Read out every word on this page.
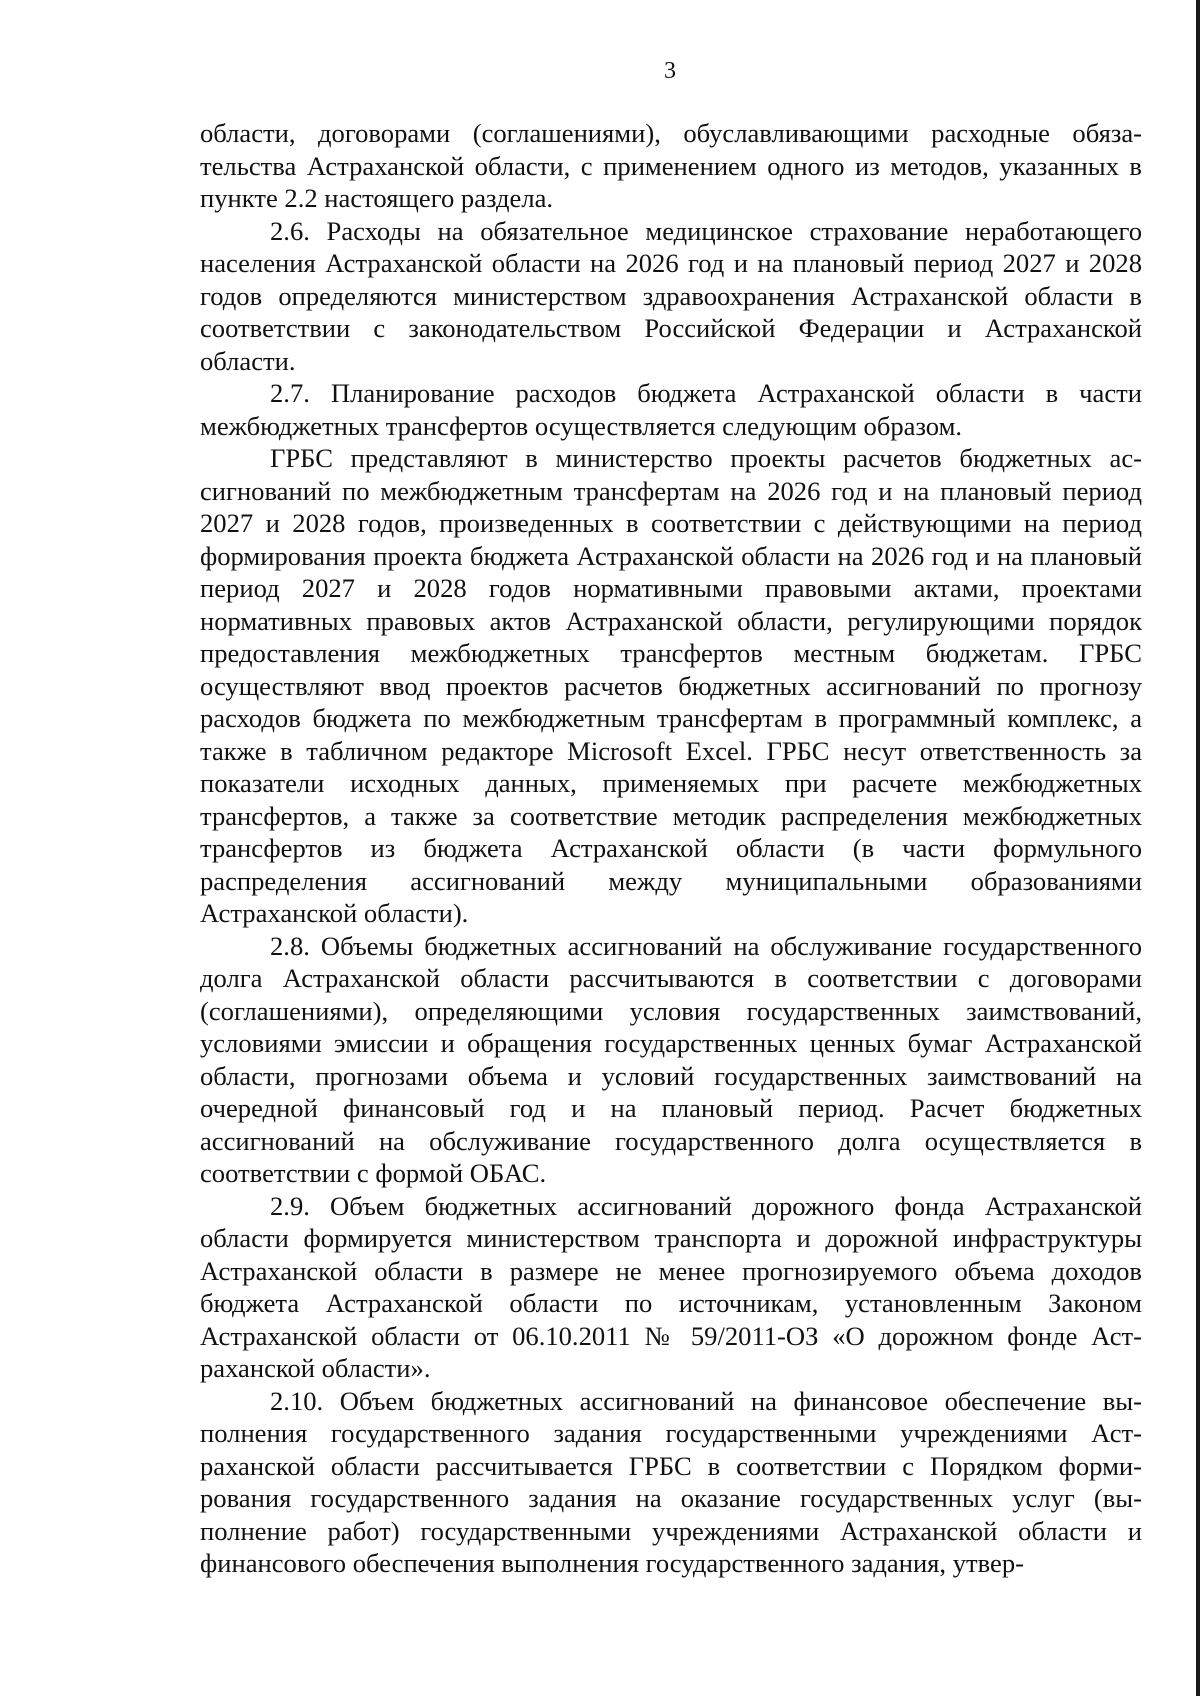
3

области, договорами (соглашениями), обуславливающими расходные обязательства Астраханской области, с применением одного из методов, указанных в пункте 2.2 настоящего раздела.

2.6. Расходы на обязательное медицинское страхование неработающего населения Астраханской области на 2026 год и на плановый период 2027 и 2028 годов определяются министерством здравоохранения Астраханской области в соответствии с законодательством Российской Федерации и Астраханской области.

2.7. Планирование расходов бюджета Астраханской области в части межбюджетных трансфертов осуществляется следующим образом.

ГРБС представляют в министерство проекты расчетов бюджетных ассигнований по межбюджетным трансфертам на 2026 год и на плановый период 2027 и 2028 годов, произведенных в соответствии с действующими на период формирования проекта бюджета Астраханской области на 2026 год и на плановый период 2027 и 2028 годов нормативными правовыми актами, проектами нормативных правовых актов Астраханской области, регулирующими порядок предоставления межбюджетных трансфертов местным бюджетам. ГРБС осуществляют ввод проектов расчетов бюджетных ассигнований по прогнозу расходов бюджета по межбюджетным трансфертам в программный комплекс, а также в табличном редакторе Microsoft Excel. ГРБС несут ответственность за показатели исходных данных, применяемых при расчете межбюджетных трансфертов, а также за соответствие методик распределения межбюджетных трансфертов из бюджета Астраханской области (в части формульного распределения ассигнований между муниципальными образованиями Астраханской области).

2.8. Объемы бюджетных ассигнований на обслуживание государственного долга Астраханской области рассчитываются в соответствии с договорами (соглашениями), определяющими условия государственных заимствований, условиями эмиссии и обращения государственных ценных бумаг Астраханской области, прогнозами объема и условий государственных заимствований на очередной финансовый год и на плановый период. Расчет бюджетных ассигнований на обслуживание государственного долга осуществляется в соответствии с формой ОБАС.

2.9. Объем бюджетных ассигнований дорожного фонда Астраханской области формируется министерством транспорта и дорожной инфраструктуры Астраханской области в размере не менее прогнозируемого объема доходов бюджета Астраханской области по источникам, установленным Законом Астраханской области от 06.10.2011 № 59/2011-ОЗ «О дорожном фонде Астраханской области».

2.10. Объем бюджетных ассигнований на финансовое обеспечение выполнения государственного задания государственными учреждениями Астраханской области рассчитывается ГРБС в соответствии с Порядком формирования государственного задания на оказание государственных услуг (выполнение работ) государственными учреждениями Астраханской области и финансового обеспечения выполнения государственного задания, утвер-
